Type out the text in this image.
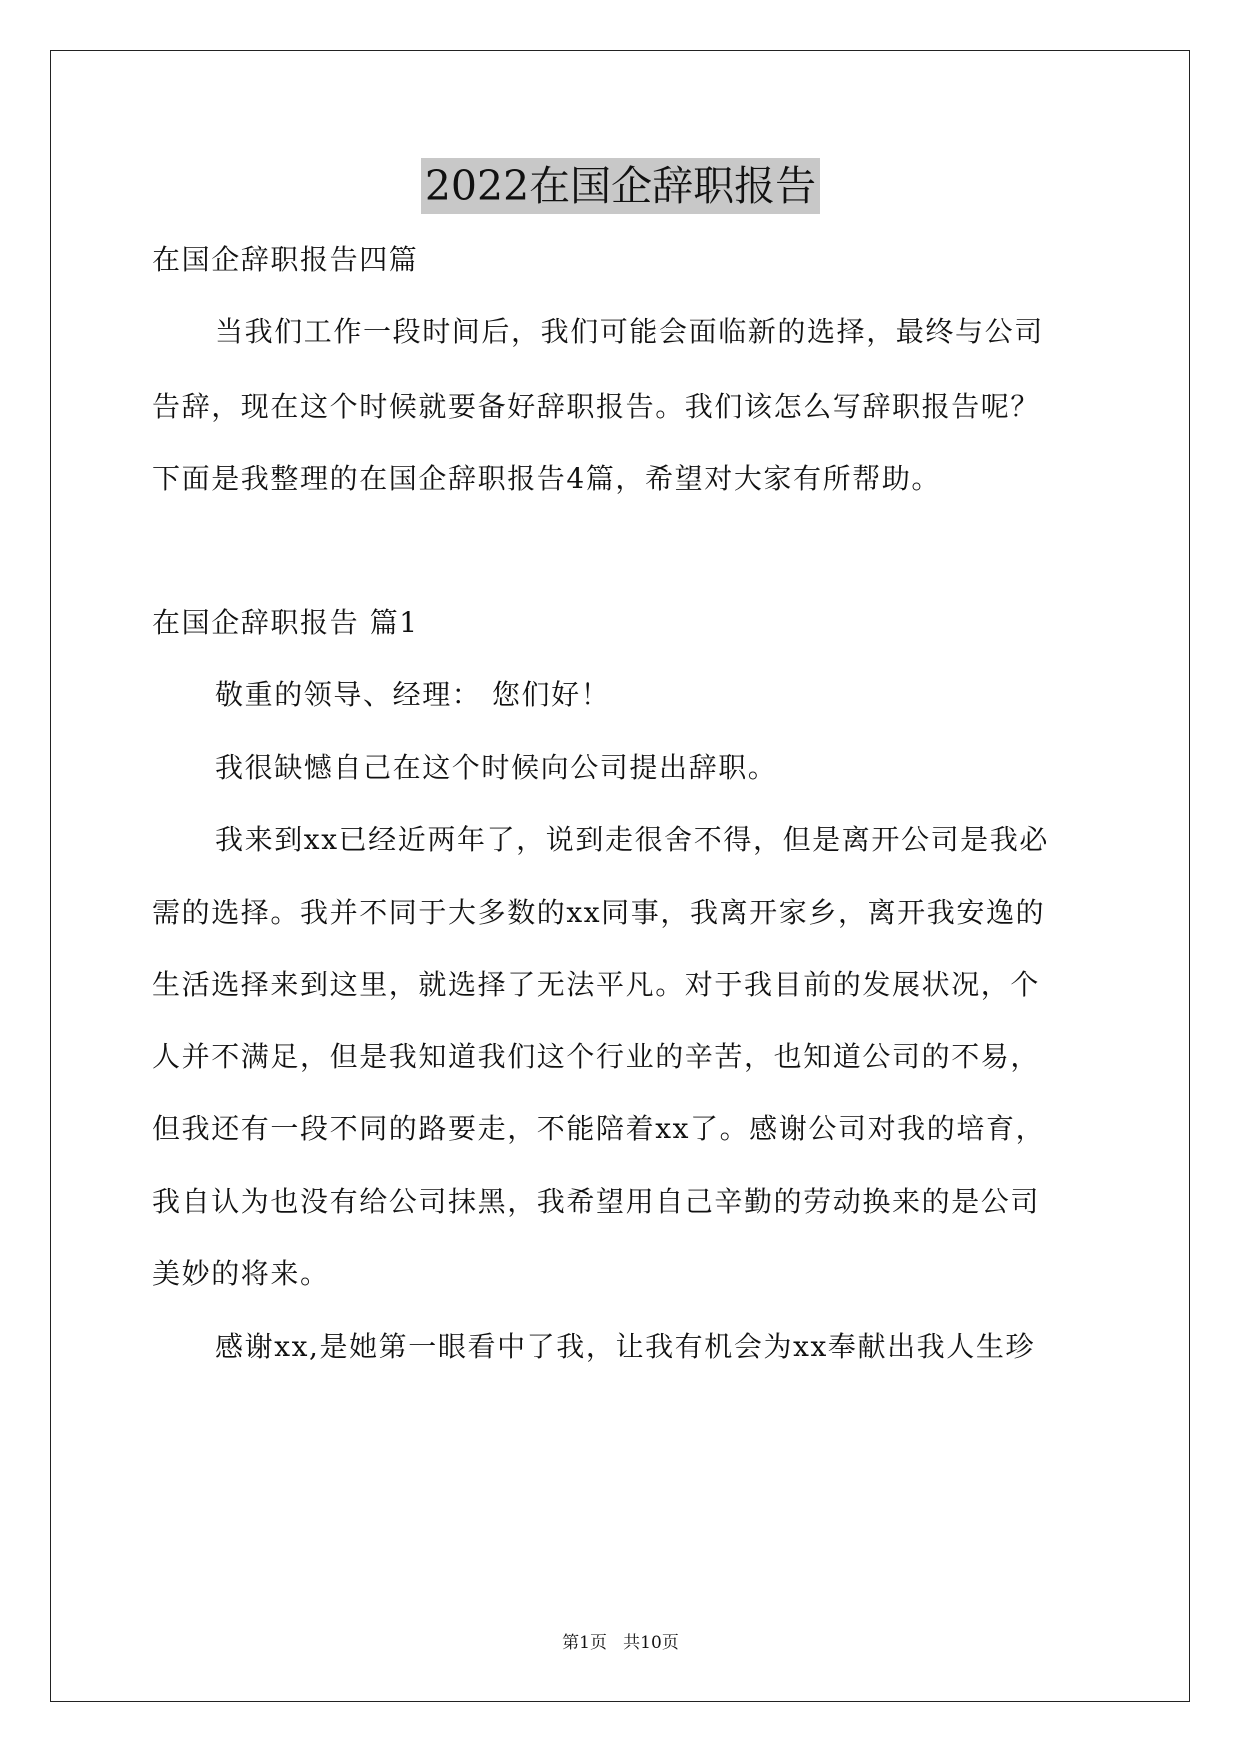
2022在国企辞职报告
在国企辞职报告四篇
当我们工作一段时间后，我们可能会面临新的选择，最终与公司
告辞，现在这个时候就要备好辞职报告。我们该怎么写辞职报告呢？
下面是我整理的在国企辞职报告4篇，希望对大家有所帮助。
在国企辞职报告 篇1
敬重的领导、经理： 您们好！
我很缺憾自己在这个时候向公司提出辞职。
我来到xx已经近两年了，说到走很舍不得，但是离开公司是我必
需的选择。我并不同于大多数的xx同事，我离开家乡，离开我安逸的
生活选择来到这里，就选择了无法平凡。对于我目前的发展状况，个
人并不满足，但是我知道我们这个行业的辛苦，也知道公司的不易，
但我还有一段不同的路要走，不能陪着xx了。感谢公司对我的培育，
我自认为也没有给公司抹黑，我希望用自己辛勤的劳动换来的是公司
美妙的将来。
感谢xx,是她第一眼看中了我，让我有机会为xx奉献出我人生珍
第1页   共10页
